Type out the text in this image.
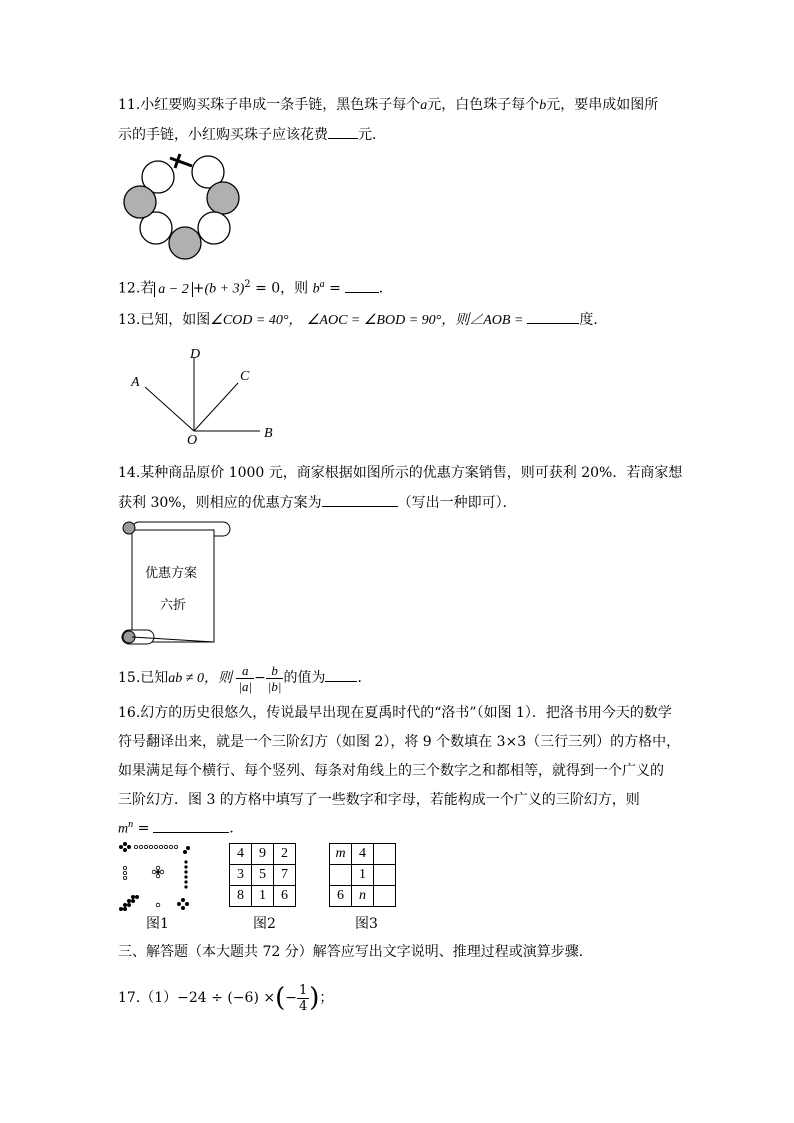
11.小红要购买珠子串成一条手链，黑色珠子每个a元，白色珠子每个b元，要串成如图所
示的手链，小红购买珠子应该花费 元．
12.若 $a - 2 +(b + 3)^2 = 0$，则 $b^a$ =	．
13.已知，如图∠COD = 40°， ∠AOC = ∠BOD = 90°，则∠AOB =	度．
D
A	C
B
O
14.某种商品原价 1000 元，商家根据如图所示的优惠方案销售，则可获利 20%．若商家想
获利 30%，则相应的优惠方案为	（写出一种即可）．
优惠方案
六折
15.已知ab ≠ 0，则 $\frac{a}{|a|} - \frac{b}{|b|}$ 的值为 ．
16.幻方的历史很悠久，传说最早出现在夏禹时代的“洛书”（如图 1）．把洛书用今天的数学
符号翻译出来，就是一个三阶幻方（如图 2），将 9 个数填在 3×3（三行三列）的方格中，
如果满足每个横行、每个竖列、每条对角线上的三个数字之和都相等，就得到一个广义的
三阶幻方．图 3 的方格中填写了一些数字和字母，若能构成一个广义的三阶幻方，则
$m^n$ =	．
图1
4	9	2
3	5	7
8	1	6
图2
m	4	
	1	
6	n	
图3
三、解答题（本大题共 72 分）解答应写出文字说明、推理过程或演算步骤．
17.（1）−24 ÷ (−6) ×(− $\frac{1}{4}$ )；
